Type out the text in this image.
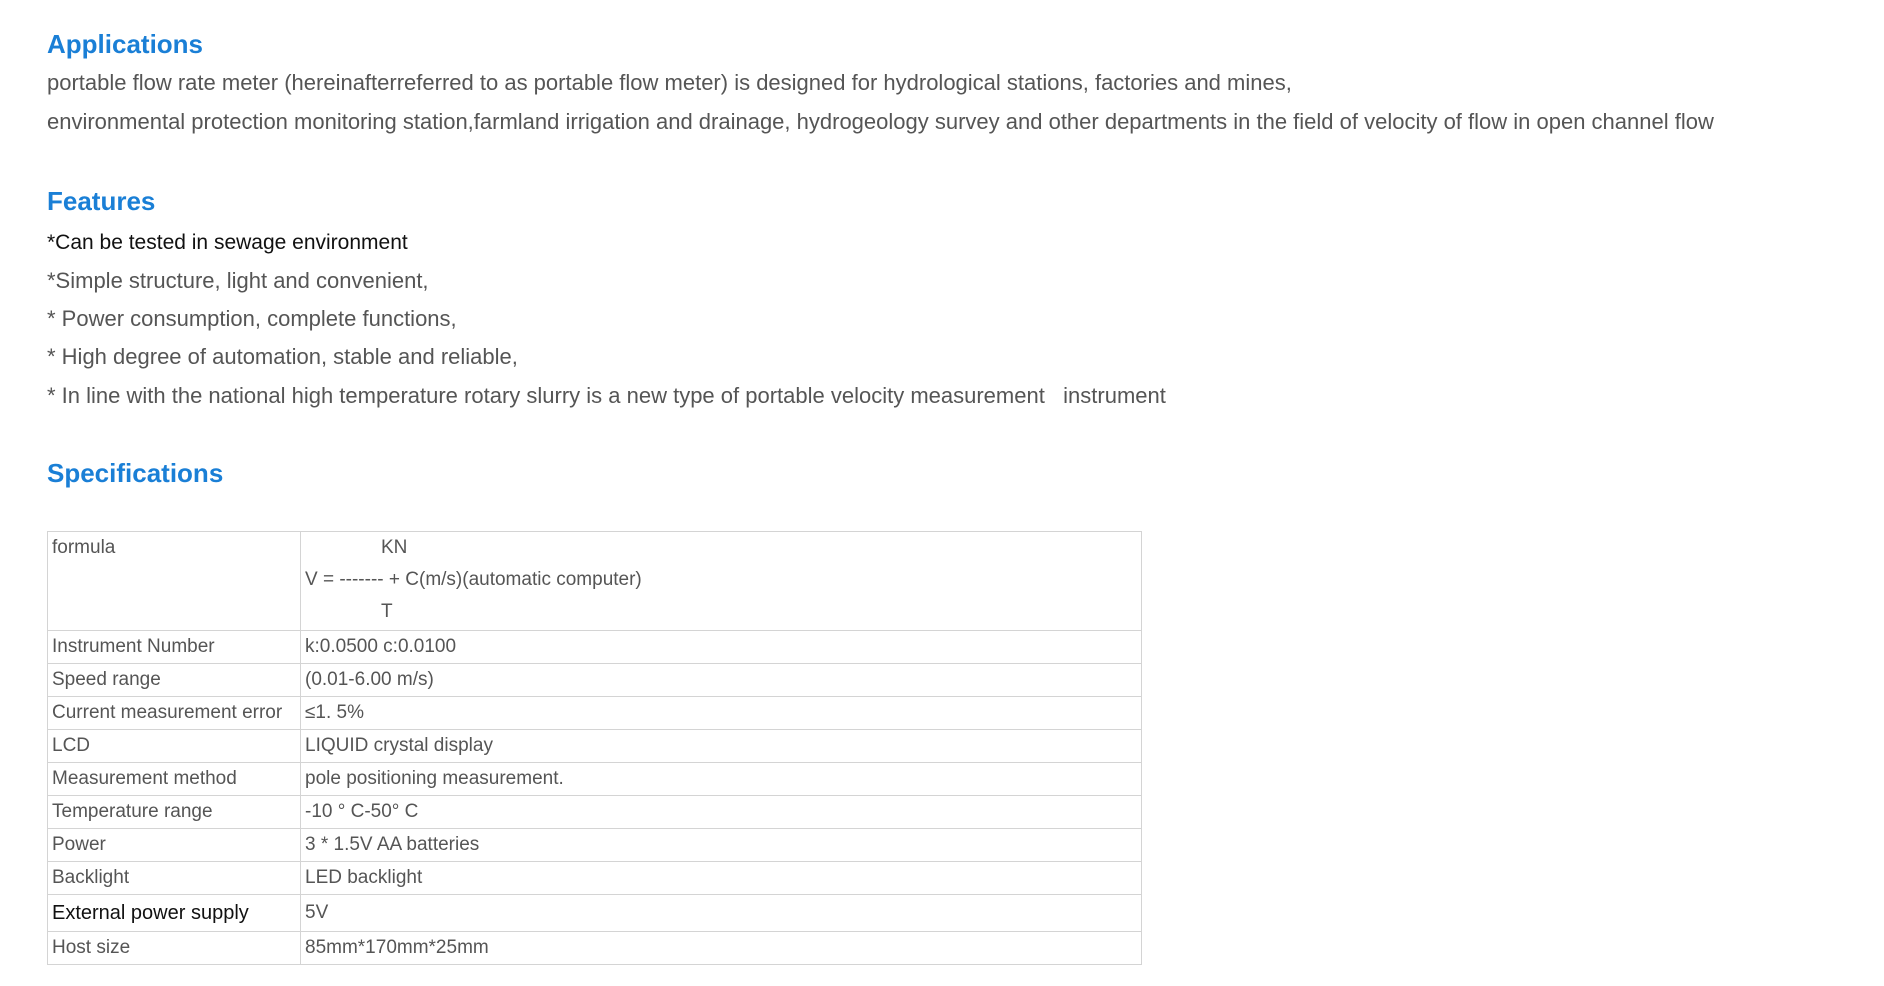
Applications

portable flow rate meter (hereinafterreferred to as portable flow meter) is designed for hydrological stations, factories and mines,

environmental protection monitoring station,farmland irrigation and drainage, hydrogeology survey and other departments in the field of velocity of flow in open channel flow

Features

*Can be tested in sewage environment

*Simple structure, light and convenient,

* Power consumption, complete functions,

* High degree of automation, stable and reliable,

* In line with the national high temperature rotary slurry is a new type of portable velocity measurement   instrument

Specifications
formula	KN
V = ------- + C(m/s)(automatic computer)
T

Instrument Number	k:0.0500 c:0.0100
Speed range	(0.01-6.00 m/s)
Current measurement error	≤1. 5%
LCD	LIQUID crystal display
Measurement method	pole positioning measurement.
Temperature range	-10 ° C-50° C
Power	3 * 1.5V AA batteries
Backlight	LED backlight
External power supply	5V
Host size	85mm*170mm*25mm
